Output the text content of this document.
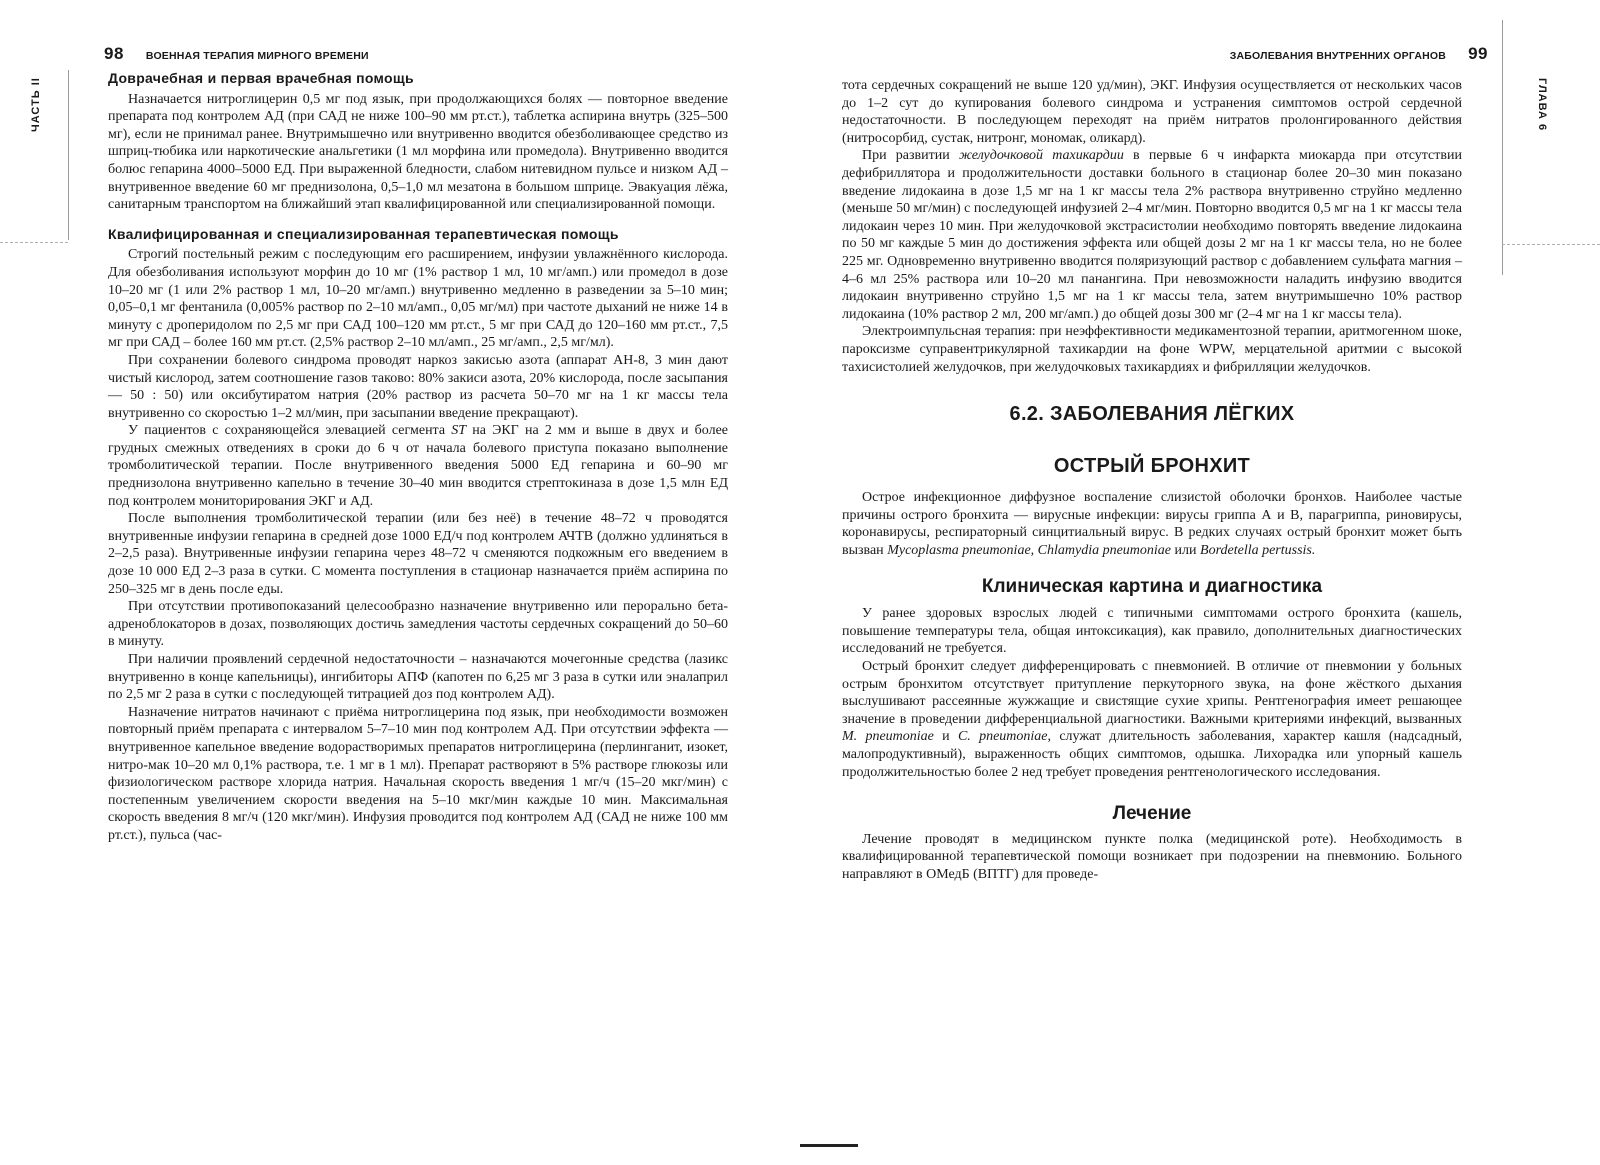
98 ВОЕННАЯ ТЕРАПИЯ МИРНОГО ВРЕМЕНИ
ЧАСТЬ II	Доврачебная и первая врачебная помощь

Назначается нитроглицерин 0,5 мг под язык, при продолжающихся болях — повторное введение препарата под контролем АД (при САД не ниже 100–90 мм рт.ст.), таблетка аспирина внутрь (325–500 мг), если не принимал ранее. Внутримышечно или внутривенно вводится обезболивающее средство из шприц-тюбика или наркотические анальгетики (1 мл морфина или промедола). Внутривенно вводится болюс гепарина 4000–5000 ЕД. При выраженной бледности, слабом нитевидном пульсе и низком АД – внутривенное введение 60 мг преднизолона, 0,5–1,0 мл мезатона в большом шприце. Эвакуация лёжа, санитарным транспортом на ближайший этап квалифицированной или специализированной помощи.

Квалифицированная и специализированная терапевтическая помощь

Строгий постельный режим с последующим его расширением, инфузии увлажнённого кислорода. Для обезболивания используют морфин до 10 мг (1% раствор 1 мл, 10 мг/амп.) или промедол в дозе 10–20 мг (1 или 2% раствор 1 мл, 10–20 мг/амп.) внутривенно медленно в разведении за 5–10 мин; 0,05–0,1 мг фентанила (0,005% раствор по 2–10 мл/амп., 0,05 мг/мл) при частоте дыханий не ниже 14 в минуту с дроперидолом по 2,5 мг при САД 100–120 мм рт.ст., 5 мг при САД до 120–160 мм рт.ст., 7,5 мг при САД – более 160 мм рт.ст. (2,5% раствор 2–10 мл/амп., 25 мг/амп., 2,5 мг/мл).

При сохранении болевого синдрома проводят наркоз закисью азота (аппарат АН-8, 3 мин дают чистый кислород, затем соотношение газов таково: 80% закиси азота, 20% кислорода, после засыпания — 50 : 50) или оксибутиратом натрия (20% раствор из расчета 50–70 мг на 1 кг массы тела внутривенно со скоростью 1–2 мл/мин, при засыпании введение прекращают).

У пациентов с сохраняющейся элевацией сегмента ST на ЭКГ на 2 мм и выше в двух и более грудных смежных отведениях в сроки до 6 ч от начала болевого приступа показано выполнение тромболитической терапии. После внутривенного введения 5000 ЕД гепарина и 60–90 мг преднизолона внутривенно капельно в течение 30–40 мин вводится стрептокиназа в дозе 1,5 млн ЕД под контролем мониторирования ЭКГ и АД.

После выполнения тромболитической терапии (или без неё) в течение 48–72 ч проводятся внутривенные инфузии гепарина в средней дозе 1000 ЕД/ч под контролем АЧТВ (должно удлиняться в 2–2,5 раза). Внутривенные инфузии гепарина через 48–72 ч сменяются подкожным его введением в дозе 10 000 ЕД 2–3 раза в сутки. С момента поступления в стационар назначается приём аспирина по 250–325 мг в день после еды.

При отсутствии противопоказаний целесообразно назначение внутривенно или перорально бета-адреноблокаторов в дозах, позволяющих достичь замедления частоты сердечных сокращений до 50–60 в минуту.

При наличии проявлений сердечной недостаточности – назначаются мочегонные средства (лазикс внутривенно в конце капельницы), ингибиторы АПФ (капотен по 6,25 мг 3 раза в сутки или эналаприл по 2,5 мг 2 раза в сутки с последующей титрацией доз под контролем АД).

Назначение нитратов начинают с приёма нитроглицерина под язык, при необходимости возможен повторный приём препарата с интервалом 5–7–10 мин под контролем АД. При отсутствии эффекта — внутривенное капельное введение водорастворимых препаратов нитроглицерина (перлинганит, изокет, нитро-мак 10–20 мл 0,1% раствора, т.е. 1 мг в 1 мл). Препарат растворяют в 5% растворе глюкозы или физиологическом растворе хлорида натрия. Начальная скорость введения 1 мг/ч (15–20 мкг/мин) с постепенным увеличением скорости введения на 5–10 мкг/мин каждые 10 мин. Максимальная скорость введения 8 мг/ч (120 мкг/мин). Инфузия проводится под контролем АД (САД не ниже 100 мм рт.ст.), пульса (час-

ЗАБОЛЕВАНИЯ ВНУТРЕННИХ ОРГАНОВ 99
ГЛАВА 6

тота сердечных сокращений не выше 120 уд/мин), ЭКГ. Инфузия осуществляется от нескольких часов до 1–2 сут до купирования болевого синдрома и устранения симптомов острой сердечной недостаточности. В последующем переходят на приём нитратов пролонгированного действия (нитросорбид, сустак, нитронг, мономак, оликард).

При развитии желудочковой тахикардии в первые 6 ч инфаркта миокарда при отсутствии дефибриллятора и продолжительности доставки больного в стационар более 20–30 мин показано введение лидокаина в дозе 1,5 мг на 1 кг массы тела 2% раствора внутривенно струйно медленно (меньше 50 мг/мин) с последующей инфузией 2–4 мг/мин. Повторно вводится 0,5 мг на 1 кг массы тела лидокаин через 10 мин. При желудочковой экстрасистолии необходимо повторять введение лидокаина по 50 мг каждые 5 мин до достижения эффекта или общей дозы 2 мг на 1 кг массы тела, но не более 225 мг. Одновременно внутривенно вводится поляризующий раствор с добавлением сульфата магния – 4–6 мл 25% раствора или 10–20 мл панангина. При невозможности наладить инфузию вводится лидокаин внутривенно струйно 1,5 мг на 1 кг массы тела, затем внутримышечно 10% раствор лидокаина (10% раствор 2 мл, 200 мг/амп.) до общей дозы 300 мг (2–4 мг на 1 кг массы тела).

Электроимпульсная терапия: при неэффективности медикаментозной терапии, аритмогенном шоке, пароксизме суправентрикулярной тахикардии на фоне WPW, мерцательной аритмии с высокой тахисистолией желудочков, при желудочковых тахикардиях и фибрилляции желудочков.

6.2. ЗАБОЛЕВАНИЯ ЛЁГКИХ
ОСТРЫЙ БРОНХИТ

Острое инфекционное диффузное воспаление слизистой оболочки бронхов. Наиболее частые причины острого бронхита — вирусные инфекции: вирусы гриппа А и В, парагриппа, риновирусы, коронавирусы, респираторный синцитиальный вирус. В редких случаях острый бронхит может быть вызван Mycoplasma pneumoniae, Chlamydia pneumoniae или Bordetella pertussis.

Клиническая картина и диагностика

У ранее здоровых взрослых людей с типичными симптомами острого бронхита (кашель, повышение температуры тела, общая интоксикация), как правило, дополнительных диагностических исследований не требуется.

Острый бронхит следует дифференцировать с пневмонией. В отличие от пневмонии у больных острым бронхитом отсутствует притупление перкуторного звука, на фоне жёсткого дыхания выслушивают рассеянные жужжащие и свистящие сухие хрипы. Рентгенография имеет решающее значение в проведении дифференциальной диагностики. Важными критериями инфекций, вызванных M. pneumoniae и C. pneumoniae, служат длительность заболевания, характер кашля (надсадный, малопродуктивный), выраженность общих симптомов, одышка. Лихорадка или упорный кашель продолжительностью более 2 нед требует проведения рентгенологического исследования.

Лечение

Лечение проводят в медицинском пункте полка (медицинской роте). Необходимость в квалифицированной терапевтической помощи возникает при подозрении на пневмонию. Больного направляют в ОМедБ (ВПТГ) для проведе-
